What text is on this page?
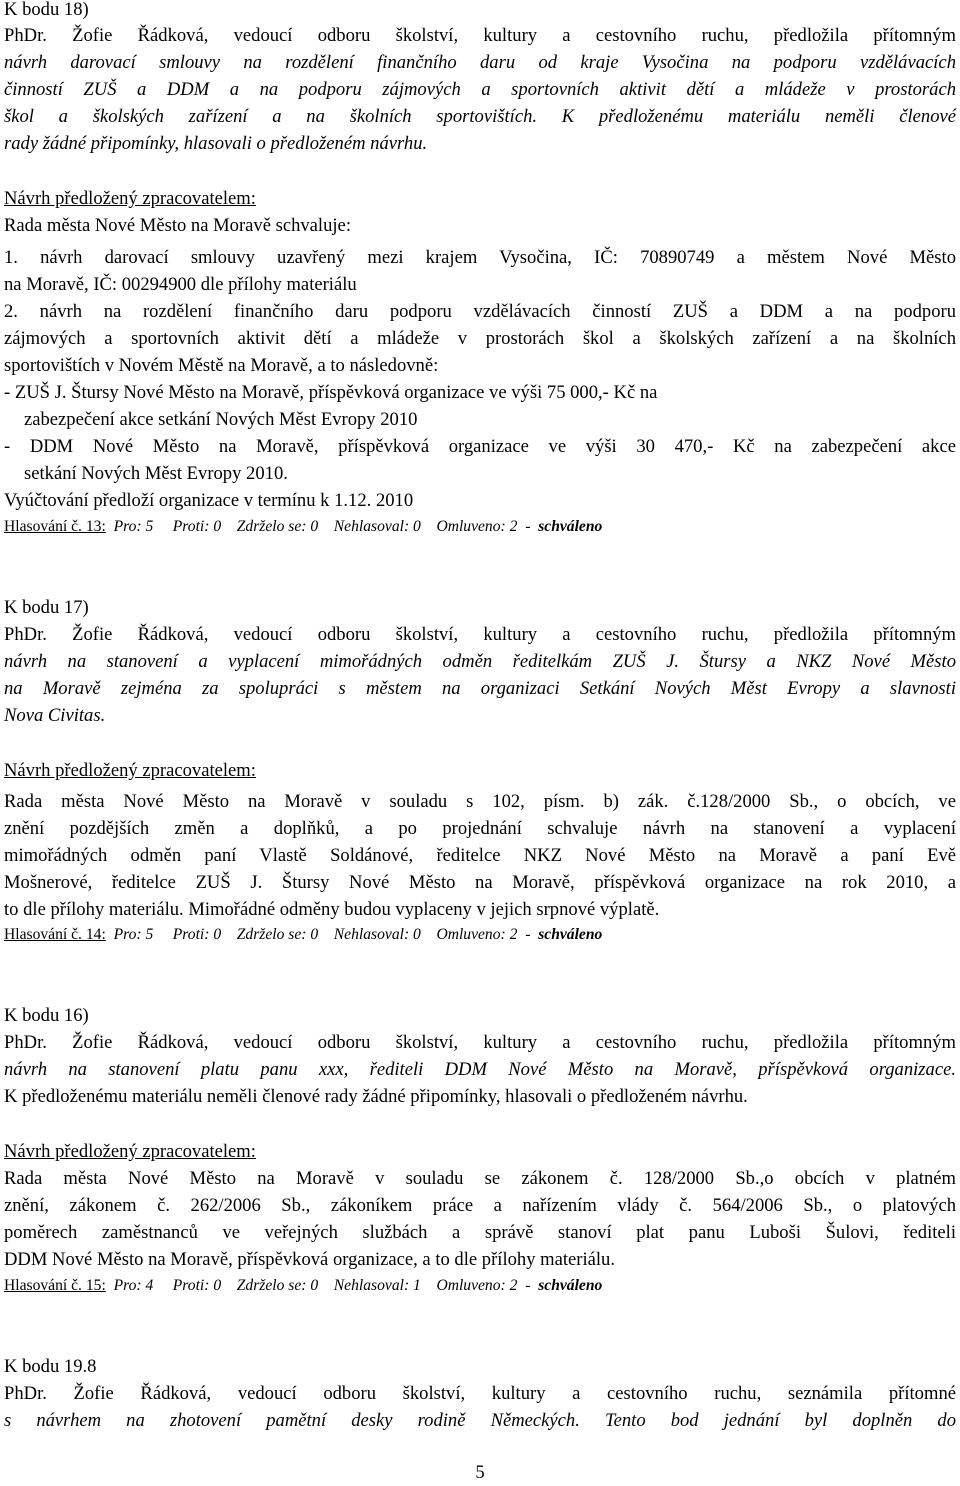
K bodu 18)
PhDr. Žofie Řádková, vedoucí odboru školství, kultury a cestovního ruchu, předložila přítomným
návrh darovací smlouvy na rozdělení finančního daru od kraje Vysočina na podporu vzdělávacích
činností ZUŠ a DDM a na podporu zájmových a sportovních aktivit dětí a mládeže v prostorách
škol a školských zařízení a na školních sportovištích. K předloženému materiálu neměli členové
rady žádné připomínky, hlasovali o předloženém návrhu.
Návrh předložený zpracovatelem:
Rada města Nové Město na Moravě schvaluje:
1. návrh darovací smlouvy uzavřený mezi krajem Vysočina, IČ: 70890749 a městem Nové Město
na Moravě, IČ: 00294900 dle přílohy materiálu
2. návrh na rozdělení finančního daru podporu vzdělávacích činností ZUŠ a DDM a na podporu
zájmových a sportovních aktivit dětí a mládeže v prostorách škol a školských zařízení a na školních
sportovištích v Novém Městě na Moravě, a to následovně:
- ZUŠ J. Štursy Nové Město na Moravě, příspěvková organizace ve výši 75 000,- Kč na
zabezpečení akce setkání Nových Měst Evropy 2010
- DDM Nové Město na Moravě, příspěvková organizace ve výši 30 470,- Kč na zabezpečení akce
setkání Nových Měst Evropy 2010.
Vyúčtování předloží organizace v termínu k 1.12. 2010
Hlasování č. 13: Pro: 5 Proti: 0 Zdrželo se: 0 Nehlasoval: 0 Omluveno: 2 - schváleno
K bodu 17)
PhDr. Žofie Řádková, vedoucí odboru školství, kultury a cestovního ruchu, předložila přítomným
návrh na stanovení a vyplacení mimořádných odměn ředitelkám ZUŠ J. Štursy a NKZ Nové Město
na Moravě zejména za spolupráci s městem na organizaci Setkání Nových Měst Evropy a slavnosti
Nova Civitas.
Návrh předložený zpracovatelem:
Rada města Nové Město na Moravě v souladu s 102, písm. b) zák. č.128/2000 Sb., o obcích, ve
znění pozdějších změn a doplňků, a po projednání schvaluje návrh na stanovení a vyplacení
mimořádných odměn paní Vlastě Soldánové, ředitelce NKZ Nové Město na Moravě a paní Evě
Mošnerové, ředitelce ZUŠ J. Štursy Nové Město na Moravě, příspěvková organizace na rok 2010, a
to dle přílohy materiálu. Mimořádné odměny budou vyplaceny v jejich srpnové výplatě.
Hlasování č. 14: Pro: 5 Proti: 0 Zdrželo se: 0 Nehlasoval: 0 Omluveno: 2 - schváleno
K bodu 16)
PhDr. Žofie Řádková, vedoucí odboru školství, kultury a cestovního ruchu, předložila přítomným
návrh na stanovení platu panu xxx, řediteli DDM Nové Město na Moravě, příspěvková organizace.
K předloženému materiálu neměli členové rady žádné připomínky, hlasovali o předloženém návrhu.
Návrh předložený zpracovatelem:
Rada města Nové Město na Moravě v souladu se zákonem č. 128/2000 Sb.,o obcích v platném
znění, zákonem č. 262/2006 Sb., zákoníkem práce a nařízením vlády č. 564/2006 Sb., o platových
poměrech zaměstnanců ve veřejných službách a správě stanoví plat panu Luboši Šulovi, řediteli
DDM Nové Město na Moravě, příspěvková organizace, a to dle přílohy materiálu.
Hlasování č. 15: Pro: 4 Proti: 0 Zdrželo se: 0 Nehlasoval: 1 Omluveno: 2 - schváleno
K bodu 19.8
PhDr. Žofie Řádková, vedoucí odboru školství, kultury a cestovního ruchu, seznámila přítomné
s návrhem na zhotovení pamětní desky rodině Německých. Tento bod jednání byl doplněn do
5
